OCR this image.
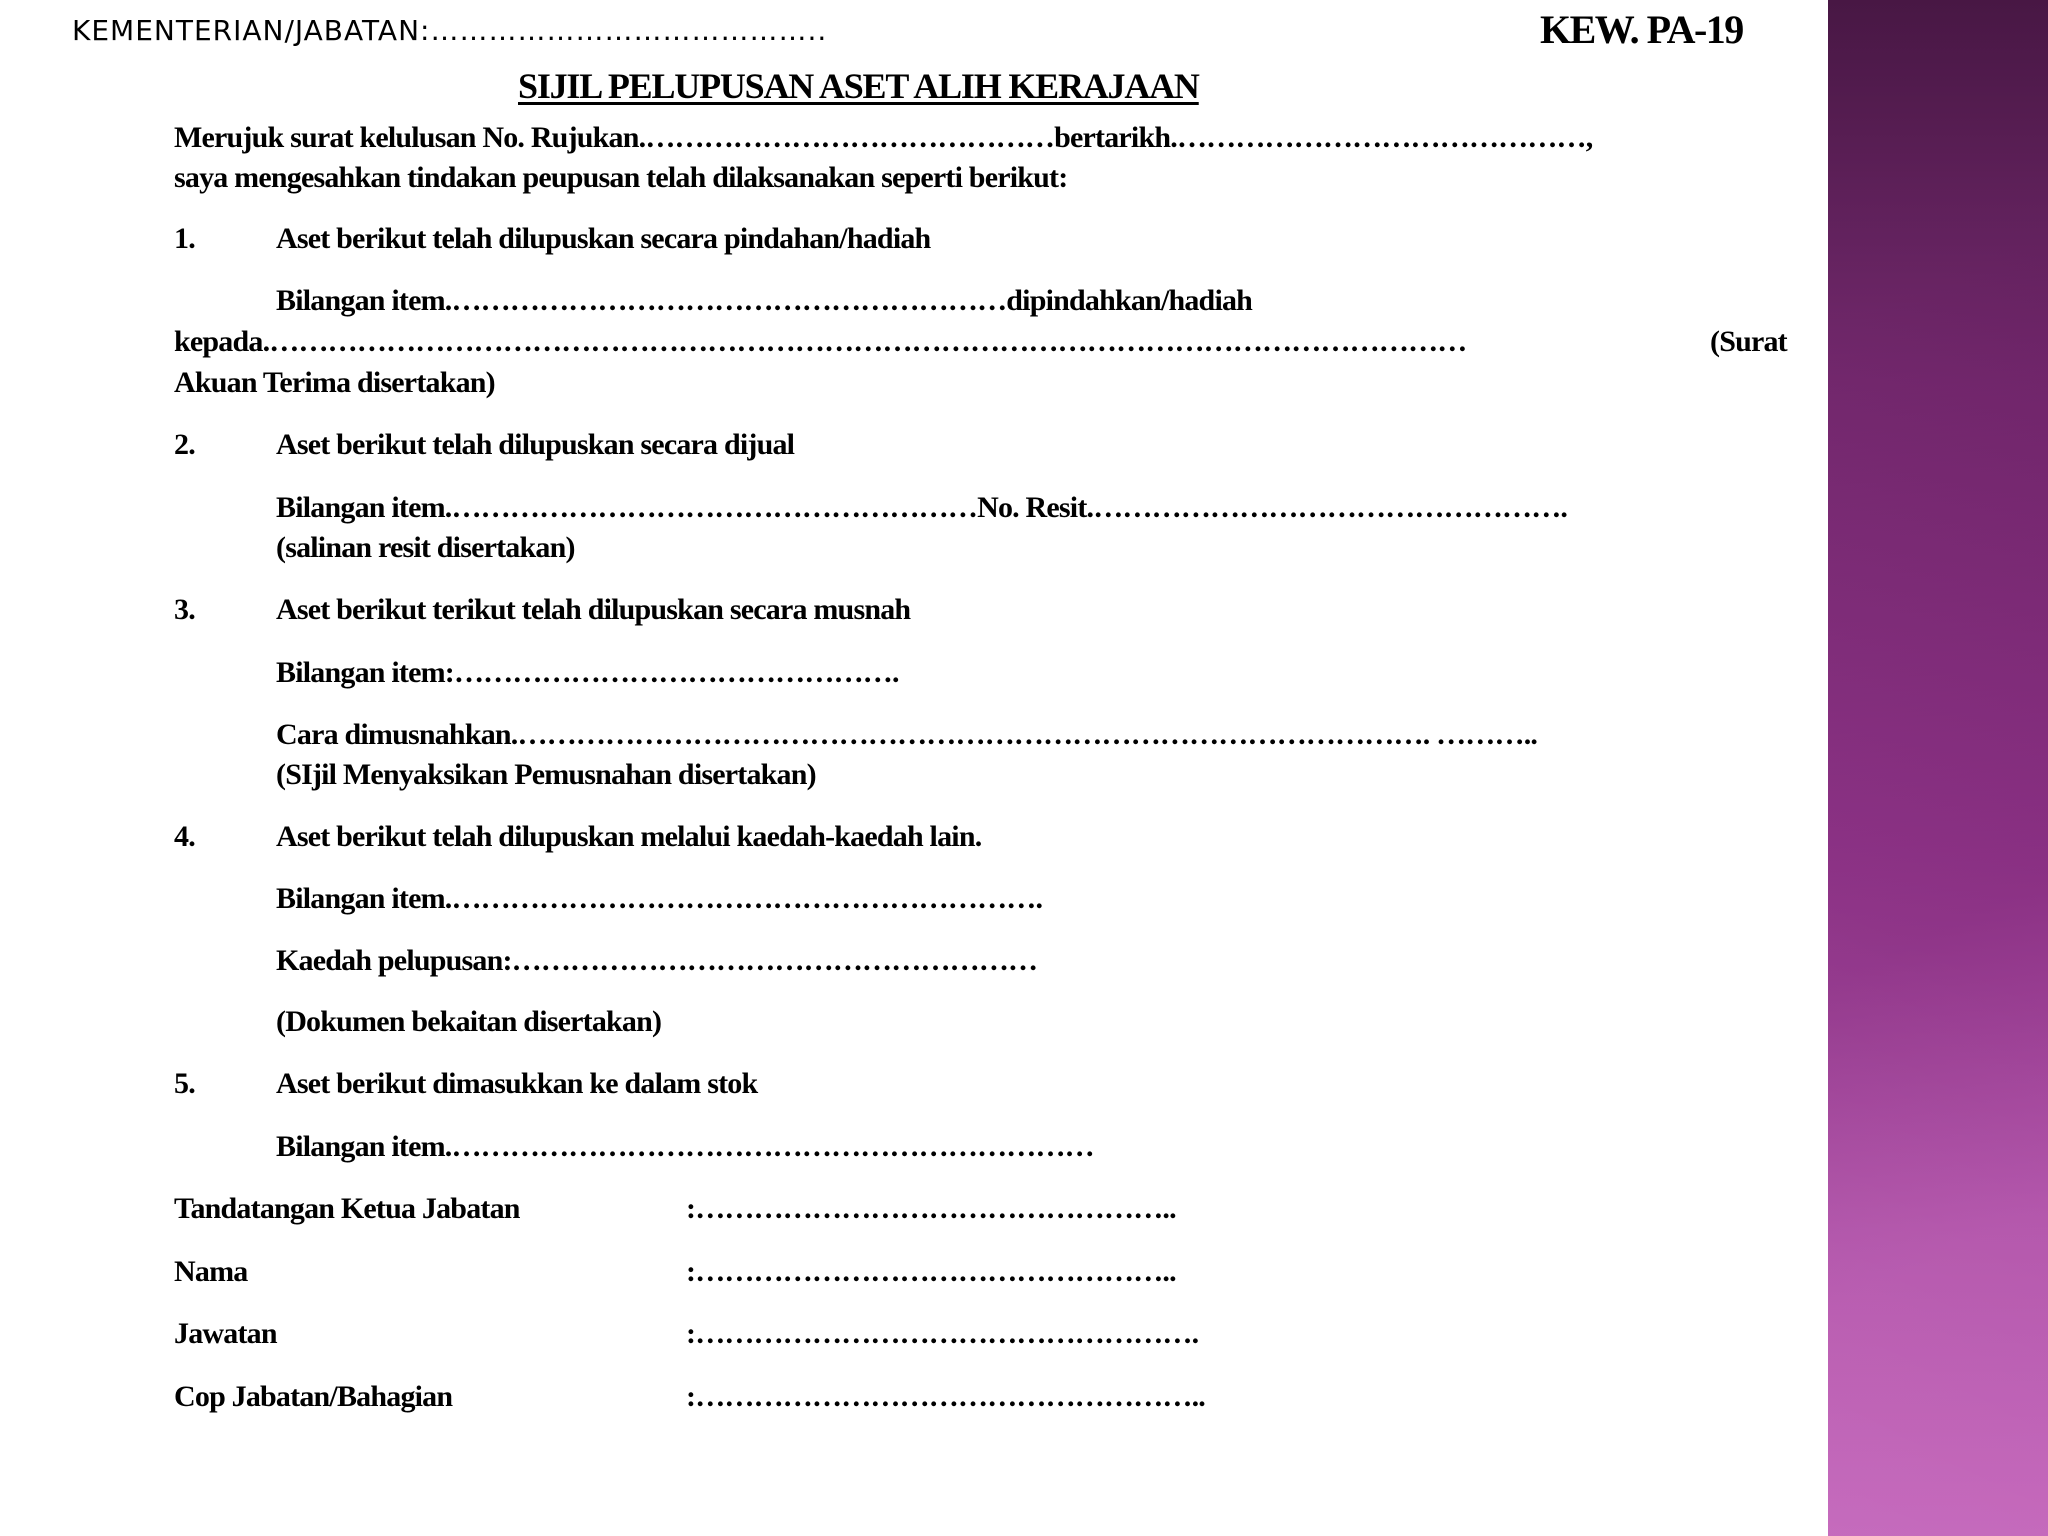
KEMENTERIAN/JABATAN:…………………………………..	KEW. PA-19
SIJIL PELUPUSAN ASET ALIH KERAJAAN
Merujuk surat kelulusan No. Rujukan.……………………………………bertarikh.……………………………………,
saya mengesahkan tindakan peupusan telah dilaksanakan seperti berikut:
1.	Aset berikut telah dilupuskan secara pindahan/hadiah
Bilangan item.…………………………………………………dipindahkan/hadiah
kepada.……………………………………………………………………………………………………………	(Surat
Akuan Terima disertakan)
2.	Aset berikut telah dilupuskan secara dijual
Bilangan item.………………………………………………No. Resit.………………………………………….
(salinan resit disertakan)
3.	Aset berikut terikut telah dilupuskan secara musnah
Bilangan item:……………………………………….
Cara dimusnahkan.…………………………………………………………………………………. ………..
(SIjil Menyaksikan Pemusnahan disertakan)
4.	Aset berikut telah dilupuskan melalui kaedah-kaedah lain.
Bilangan item.…………………………………………………….
Kaedah pelupusan:………………………………………………
(Dokumen bekaitan disertakan)
5.	Aset berikut dimasukkan ke dalam stok
Bilangan item.…………………………………………………………
Tandatangan Ketua Jabatan	:…………………………………………..
Nama	:…………………………………………..
Jawatan	:…………………………………………….
Cop Jabatan/Bahagian	:……………………………………………..
